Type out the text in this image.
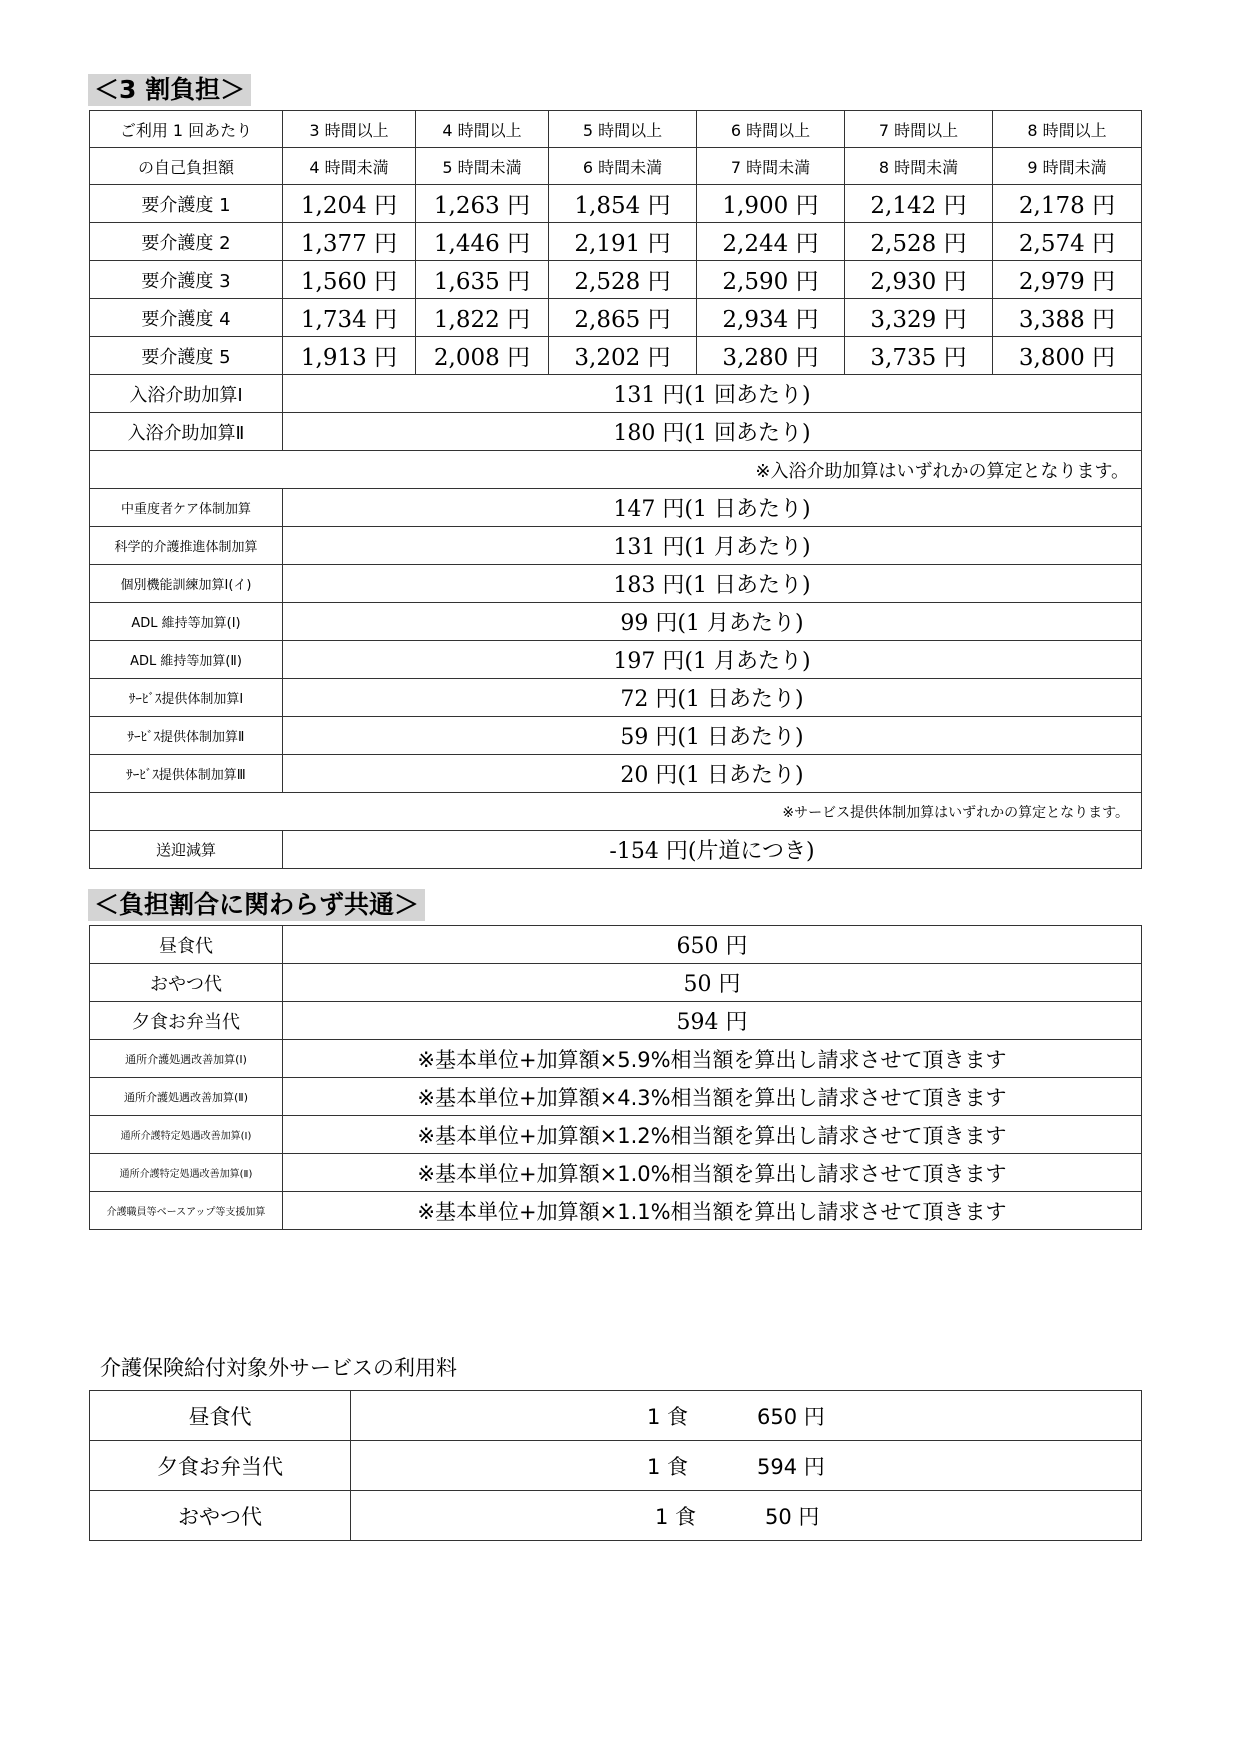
＜3 割負担＞
ご利用 1 回あたり	3 時間以上	4 時間以上	5 時間以上	6 時間以上	7 時間以上	8 時間以上
の自己負担額	4 時間未満	5 時間未満	6 時間未満	7 時間未満	8 時間未満	9 時間未満
要介護度 1	1,204 円	1,263 円	1,854 円	1,900 円	2,142 円	2,178 円
要介護度 2	1,377 円	1,446 円	2,191 円	2,244 円	2,528 円	2,574 円
要介護度 3	1,560 円	1,635 円	2,528 円	2,590 円	2,930 円	2,979 円
要介護度 4	1,734 円	1,822 円	2,865 円	2,934 円	3,329 円	3,388 円
要介護度 5	1,913 円	2,008 円	3,202 円	3,280 円	3,735 円	3,800 円
入浴介助加算Ⅰ	131 円(1 回あたり)					
入浴介助加算Ⅱ	180 円(1 回あたり)					
※入浴介助加算はいずれかの算定となります。						
中重度者ケア体制加算	147 円(1 日あたり)					
科学的介護推進体制加算	131 円(1 月あたり)					
個別機能訓練加算Ⅰ(イ)	183 円(1 日あたり)					
ADL 維持等加算(Ⅰ)	99 円(1 月あたり)					
ADL 維持等加算(Ⅱ)	197 円(1 月あたり)					
ｻｰﾋﾞｽ提供体制加算Ⅰ	72 円(1 日あたり)					
ｻｰﾋﾞｽ提供体制加算Ⅱ	59 円(1 日あたり)					
ｻｰﾋﾞｽ提供体制加算Ⅲ	20 円(1 日あたり)					
※サービス提供体制加算はいずれかの算定となります。						
送迎減算	-154 円(片道につき)					
＜負担割合に関わらず共通＞
昼食代	650 円
おやつ代	50 円
夕食お弁当代	594 円
通所介護処遇改善加算(Ⅰ)	※基本単位+加算額×5.9%相当額を算出し請求させて頂きます
通所介護処遇改善加算(Ⅱ)	※基本単位+加算額×4.3%相当額を算出し請求させて頂きます
通所介護特定処遇改善加算(Ⅰ)	※基本単位+加算額×1.2%相当額を算出し請求させて頂きます
通所介護特定処遇改善加算(Ⅱ)	※基本単位+加算額×1.0%相当額を算出し請求させて頂きます
介護職員等ベースアップ等支援加算	※基本単位+加算額×1.1%相当額を算出し請求させて頂きます
介護保険給付対象外サービスの利用料
昼食代	1 食 650 円
夕食お弁当代	1 食 594 円
おやつ代	1 食 50 円
